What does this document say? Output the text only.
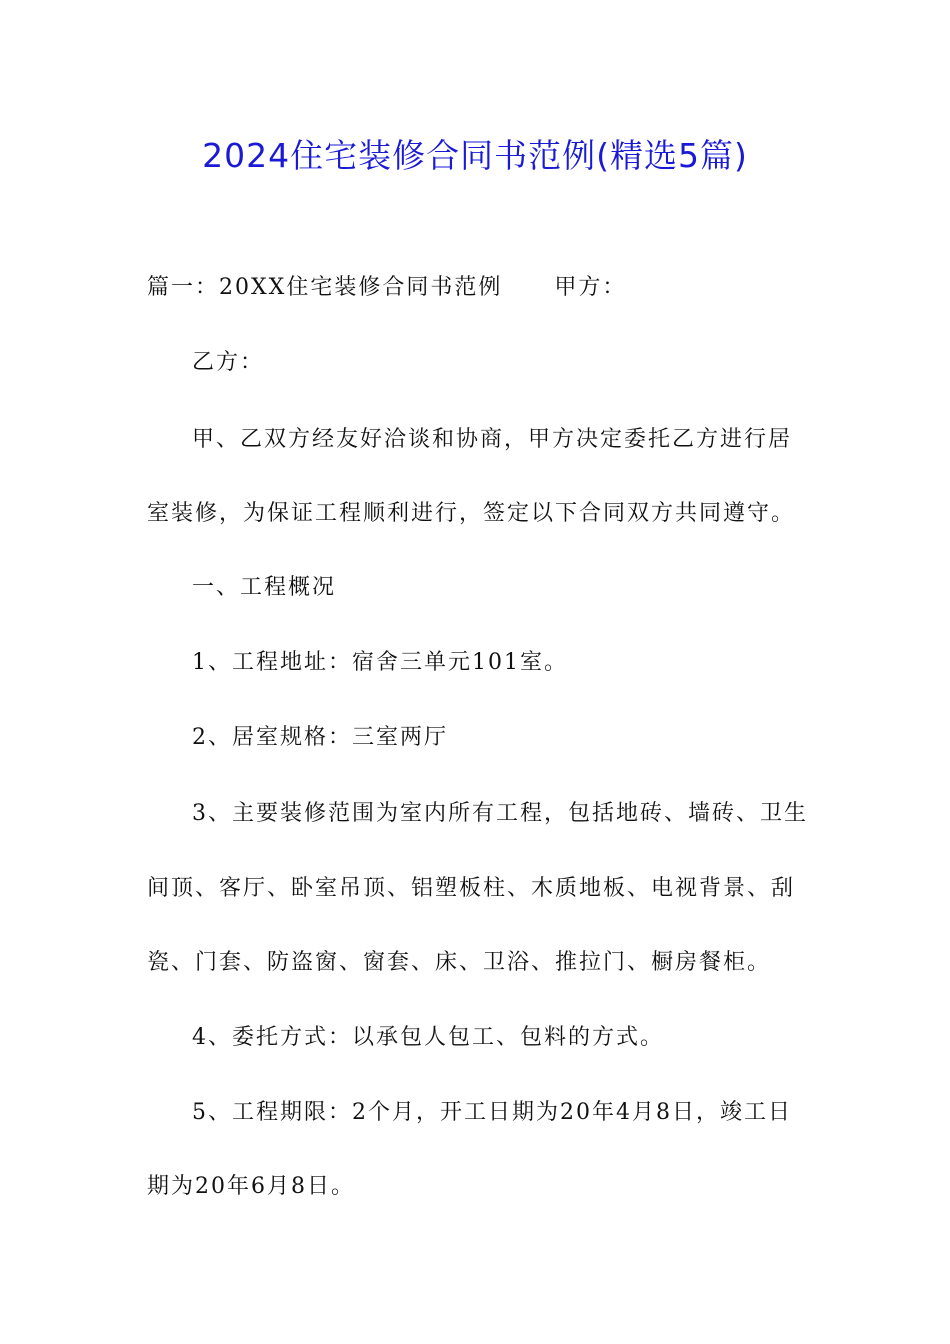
2024住宅装修合同书范例(精选5篇)

篇一：20XX住宅装修合同书范例 甲方：

乙方：

甲、乙双方经友好洽谈和协商，甲方决定委托乙方进行居

室装修，为保证工程顺利进行，签定以下合同双方共同遵守。

一、工程概况

1、工程地址：宿舍三单元101室。

2、居室规格：三室两厅

3、主要装修范围为室内所有工程，包括地砖、墙砖、卫生

间顶、客厅、卧室吊顶、铝塑板柱、木质地板、电视背景、刮

瓷、门套、防盗窗、窗套、床、卫浴、推拉门、橱房餐柜。

4、委托方式：以承包人包工、包料的方式。

5、工程期限：2个月，开工日期为20年4月8日，竣工日

期为20年6月8日。
